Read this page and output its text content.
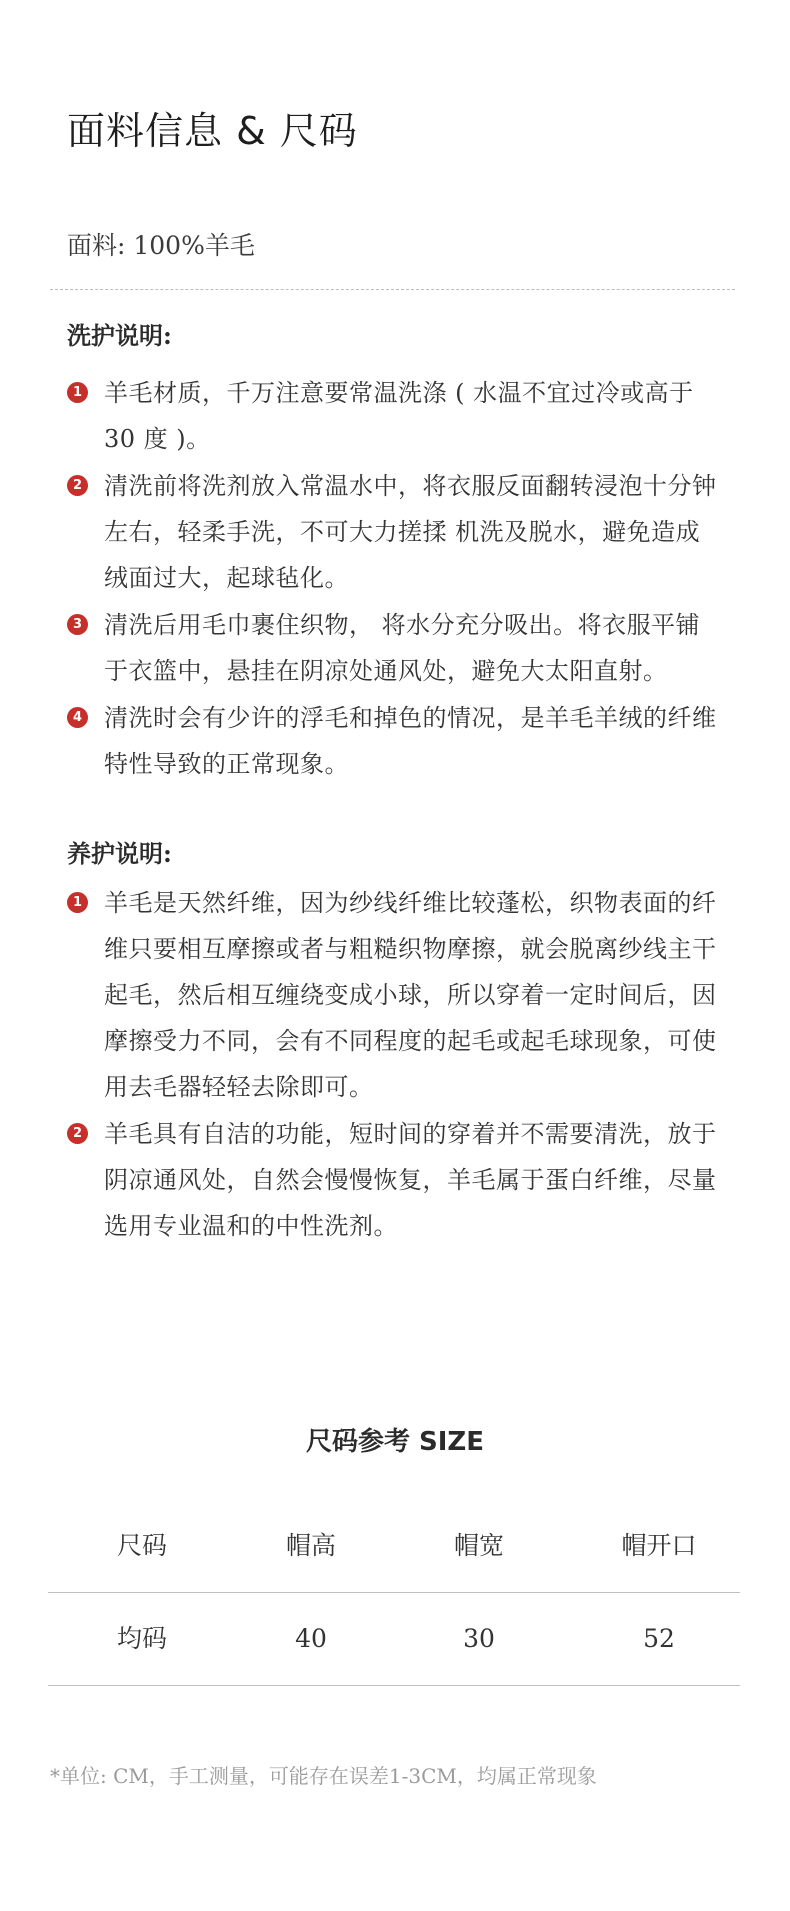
面料信息 & 尺码
面料: 100%羊毛
洗护说明:
1 羊毛材质，千万注意要常温洗涤 ( 水温不宜过冷或高于 30 度 )。
2 清洗前将洗剂放入常温水中，将衣服反面翻转浸泡十分钟左右，轻柔手洗，不可大力搓揉 机洗及脱水，避免造成绒面过大，起球毡化。
3 清洗后用毛巾裹住织物， 将水分充分吸出。将衣服平铺于衣篮中，悬挂在阴凉处通风处，避免大太阳直射。
4 清洗时会有少许的浮毛和掉色的情况，是羊毛羊绒的纤维特性导致的正常现象。
养护说明:
1 羊毛是天然纤维，因为纱线纤维比较蓬松，织物表面的纤维只要相互摩擦或者与粗糙织物摩擦，就会脱离纱线主干起毛，然后相互缠绕变成小球，所以穿着一定时间后，因摩擦受力不同，会有不同程度的起毛或起毛球现象，可使用去毛器轻轻去除即可。
2 羊毛具有自洁的功能，短时间的穿着并不需要清洗，放于阴凉通风处，自然会慢慢恢复，羊毛属于蛋白纤维，尽量选用专业温和的中性洗剂。
尺码参考 SIZE
尺码	帽高	帽宽	帽开口
均码	40	30	52
*单位: CM，手工测量，可能存在误差1-3CM，均属正常现象
